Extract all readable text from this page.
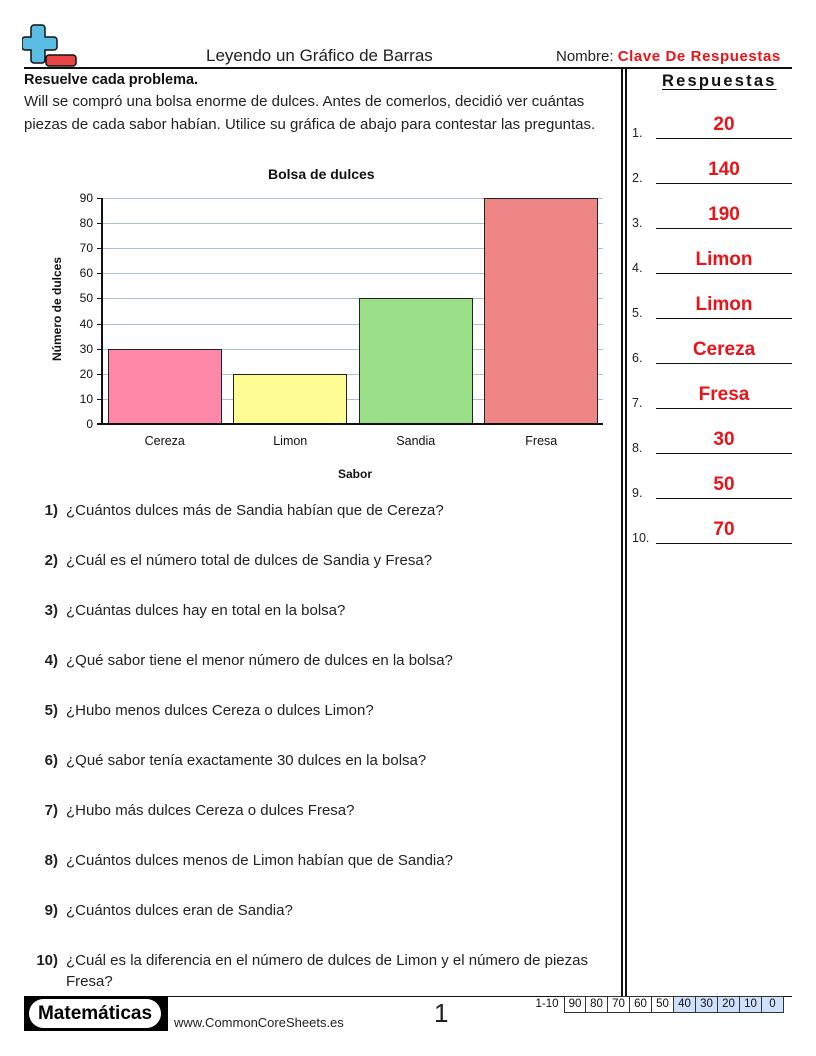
Leyendo un Gráfico de Barras	Nombre: Clave De Respuestas
Resuelve cada problema.
Will se compró una bolsa enorme de dulces. Antes de comerlos, decidió ver cuántas piezas de cada sabor habían. Utilice su gráfica de abajo para contestar las preguntas.
Bolsa de dulces
Número de dulces
0
10
20
30
40
50
60
70
80
90
Cereza	Limon	Sandia	Fresa
Sabor
1) ¿Cuántos dulces más de Sandia habían que de Cereza?
2) ¿Cuál es el número total de dulces de Sandia y Fresa?
3) ¿Cuántas dulces hay en total en la bolsa?
4) ¿Qué sabor tiene el menor número de dulces en la bolsa?
5) ¿Hubo menos dulces Cereza o dulces Limon?
6) ¿Qué sabor tenía exactamente 30 dulces en la bolsa?
7) ¿Hubo más dulces Cereza o dulces Fresa?
8) ¿Cuántos dulces menos de Limon habían que de Sandia?
9) ¿Cuántos dulces eran de Sandia?
10) ¿Cuál es la diferencia en el número de dulces de Limon y el número de piezas Fresa?
Respuestas
1.	20
2.	140
3.	190
4.	Limon
5.	Limon
6.	Cereza
7.	Fresa
8.	30
9.	50
10.	70
Matemáticas	www.CommonCoreSheets.es	1	1-10 90 80 70 60 50 40 30 20 10	0
